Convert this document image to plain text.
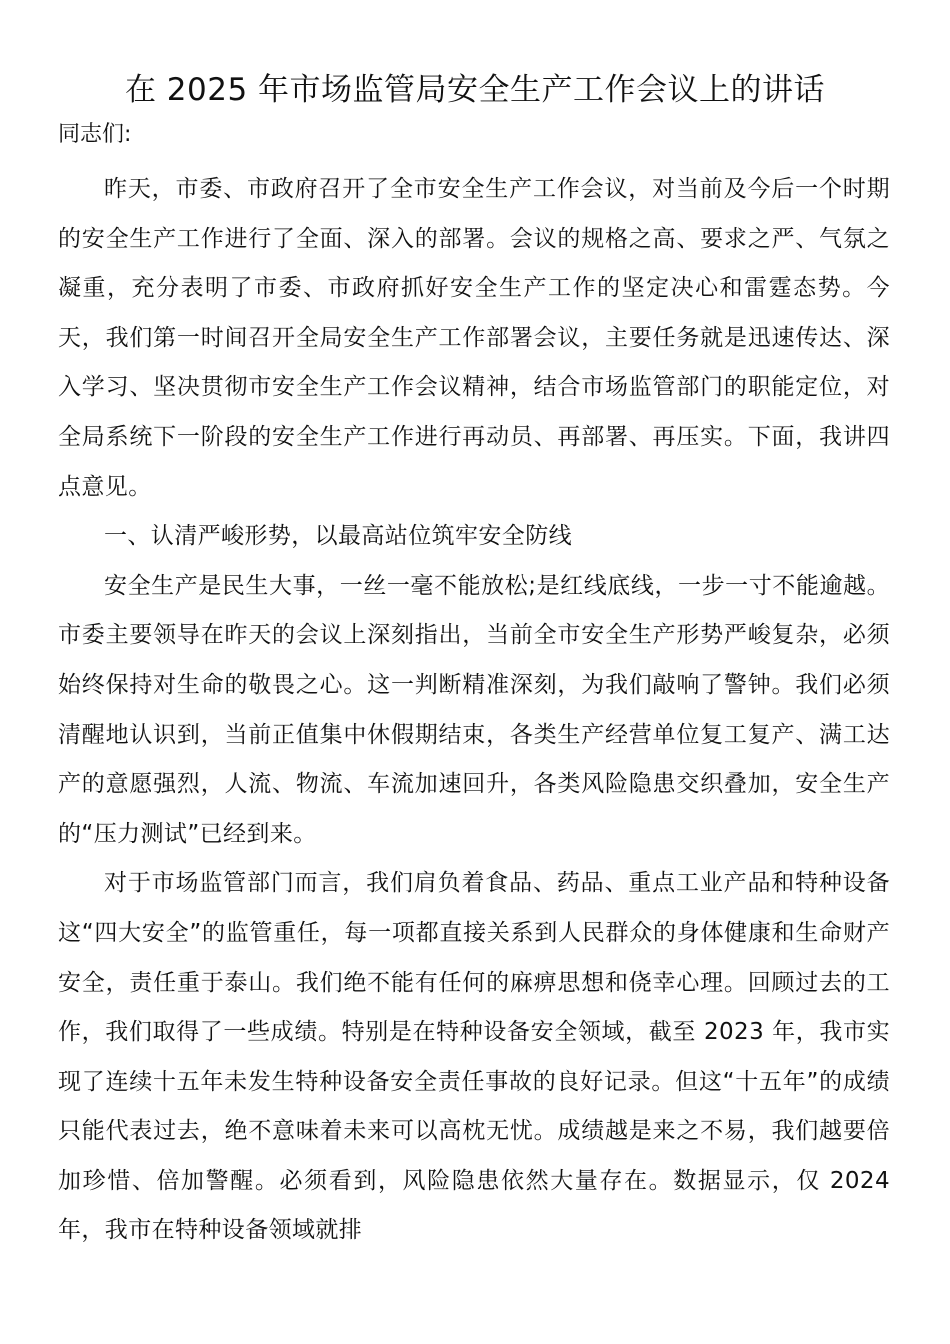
在 2025 年市场监管局安全生产工作会议上的讲话
同志们:

昨天，市委、市政府召开了全市安全生产工作会议，对当前及今后一个时期的安全生产工作进行了全面、深入的部署。会议的规格之高、要求之严、气氛之凝重，充分表明了市委、市政府抓好安全生产工作的坚定决心和雷霆态势。今天，我们第一时间召开全局安全生产工作部署会议，主要任务就是迅速传达、深入学习、坚决贯彻市安全生产工作会议精神，结合市场监管部门的职能定位，对全局系统下一阶段的安全生产工作进行再动员、再部署、再压实。下面，我讲四点意见。

一、认清严峻形势，以最高站位筑牢安全防线

安全生产是民生大事，一丝一毫不能放松;是红线底线，一步一寸不能逾越。市委主要领导在昨天的会议上深刻指出，当前全市安全生产形势严峻复杂，必须始终保持对生命的敬畏之心。这一判断精准深刻，为我们敲响了警钟。我们必须清醒地认识到，当前正值集中休假期结束，各类生产经营单位复工复产、满工达产的意愿强烈，人流、物流、车流加速回升，各类风险隐患交织叠加，安全生产的“压力测试”已经到来。

对于市场监管部门而言，我们肩负着食品、药品、重点工业产品和特种设备这“四大安全”的监管重任，每一项都直接关系到人民群众的身体健康和生命财产安全，责任重于泰山。我们绝不能有任何的麻痹思想和侥幸心理。回顾过去的工作，我们取得了一些成绩。特别是在特种设备安全领域，截至 2023 年，我市实现了连续十五年未发生特种设备安全责任事故的良好记录。但这“十五年”的成绩只能代表过去，绝不意味着未来可以高枕无忧。成绩越是来之不易，我们越要倍加珍惜、倍加警醒。必须看到，风险隐患依然大量存在。数据显示，仅 2024 年，我市在特种设备领域就排
